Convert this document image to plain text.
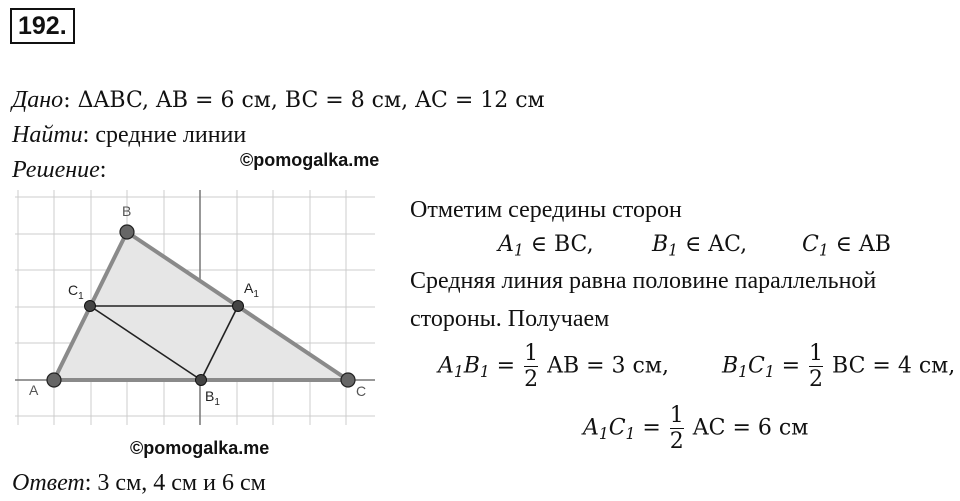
192.
Дано: ΔABC, AB = 6 см, BC = 8 см, AC = 12 см
Найти: средние линии
Решение:	©pomogalka.me
©pomogalka.me
A
B
C
$C_1$
$A_1$
$B_1$
Отметим середины сторон
$A_1$ ∈ BC,	$B_1$ ∈ AC, $C_1$ ∈ AB
Средняя линия равна половине параллельной
стороны. Получаем
$A_1B_1 = \frac{1}{2}$ AB = 3 см, $B_1C_1 = \frac{1}{2}$ BC = 4 см,
$A_1C_1 = \frac{1}{2}$ AC = 6 см
Ответ: 3 см, 4 см и 6 см
